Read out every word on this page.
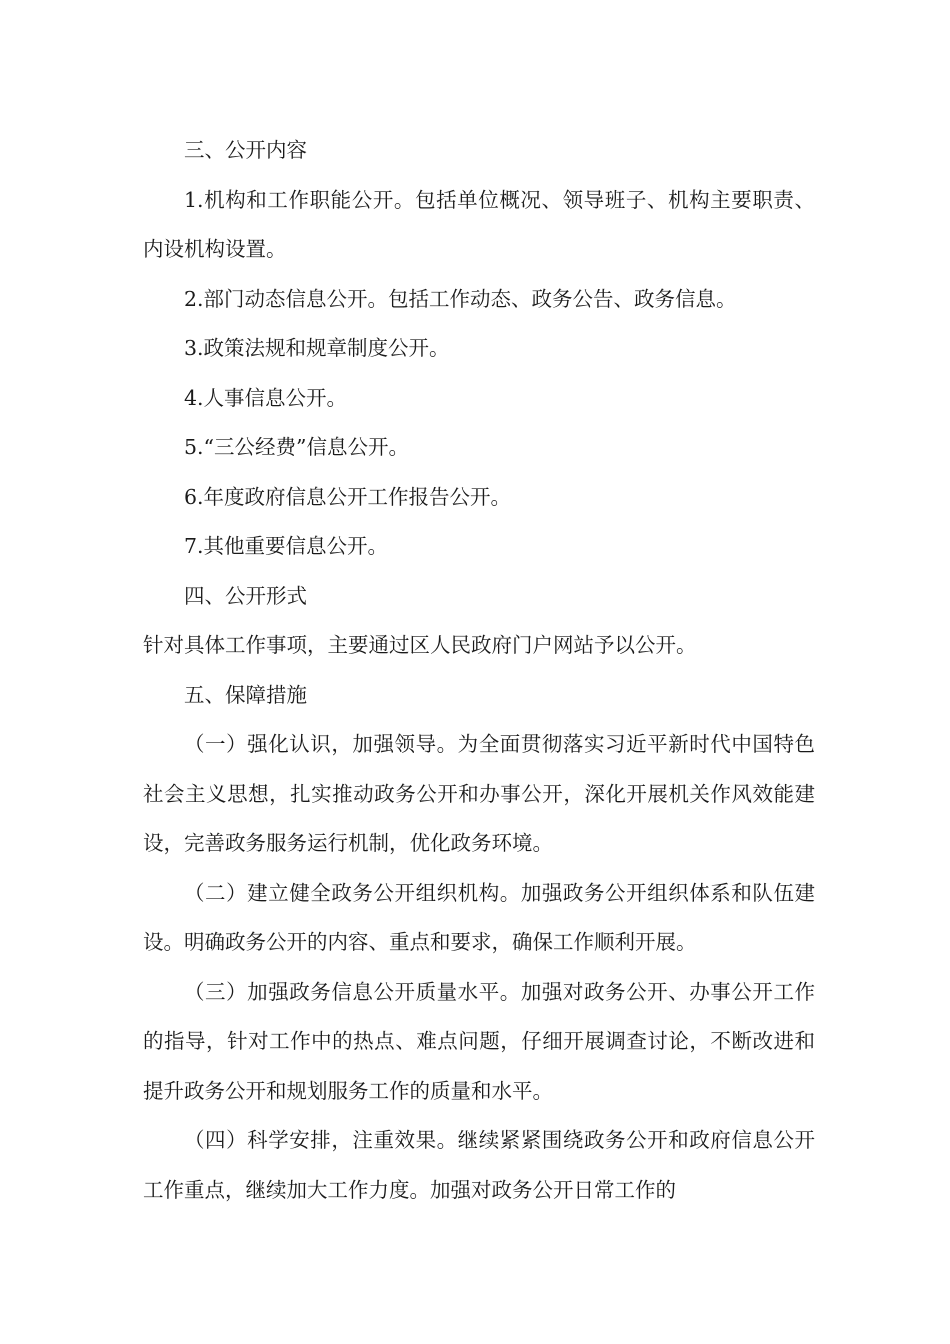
三、公开内容

1.机构和工作职能公开。包括单位概况、领导班子、机构主要职责、内设机构设置。

2.部门动态信息公开。包括工作动态、政务公告、政务信息。

3.政策法规和规章制度公开。

4.人事信息公开。

5.“三公经费”信息公开。

6.年度政府信息公开工作报告公开。

7.其他重要信息公开。

四、公开形式

针对具体工作事项，主要通过区人民政府门户网站予以公开。

五、保障措施

（一）强化认识，加强领导。为全面贯彻落实习近平新时代中国特色社会主义思想，扎实推动政务公开和办事公开，深化开展机关作风效能建设，完善政务服务运行机制，优化政务环境。

（二）建立健全政务公开组织机构。加强政务公开组织体系和队伍建设。明确政务公开的内容、重点和要求，确保工作顺利开展。

（三）加强政务信息公开质量水平。加强对政务公开、办事公开工作的指导，针对工作中的热点、难点问题，仔细开展调查讨论，不断改进和提升政务公开和规划服务工作的质量和水平。

（四）科学安排，注重效果。继续紧紧围绕政务公开和政府信息公开工作重点，继续加大工作力度。加强对政务公开日常工作的
